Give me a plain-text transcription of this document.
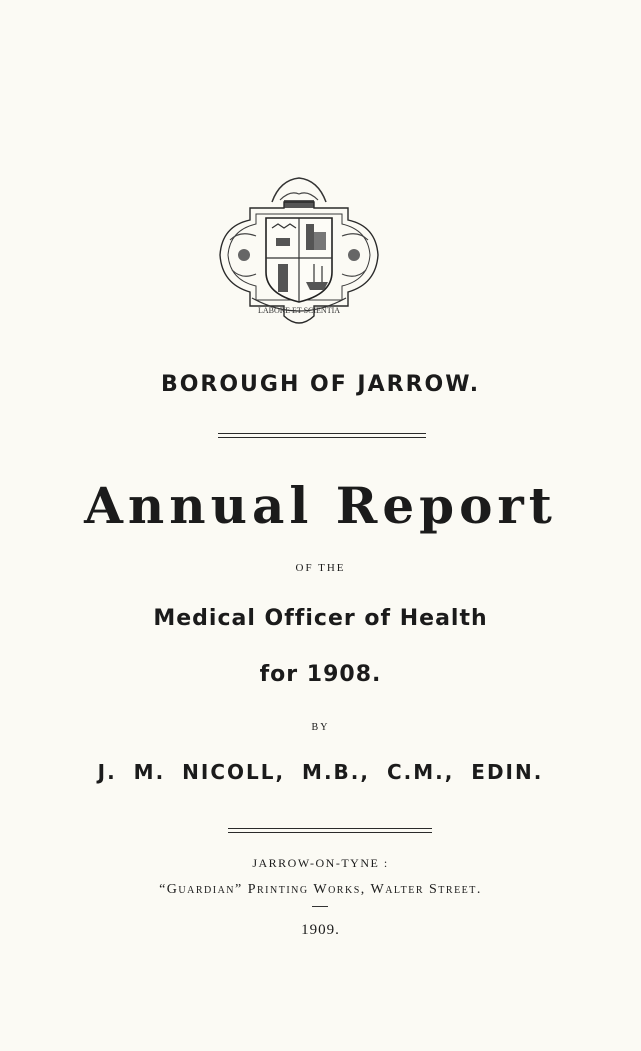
LABORE ET SCIENTIA
BOROUGH OF JARROW.
Annual Report
OF THE
Medical Officer of Health
for 1908.
BY
J. M. NICOLL, M.B., C.M., EDIN.
JARROW-ON-TYNE :
“Guardian” Printing Works, Walter Street.
1909.
